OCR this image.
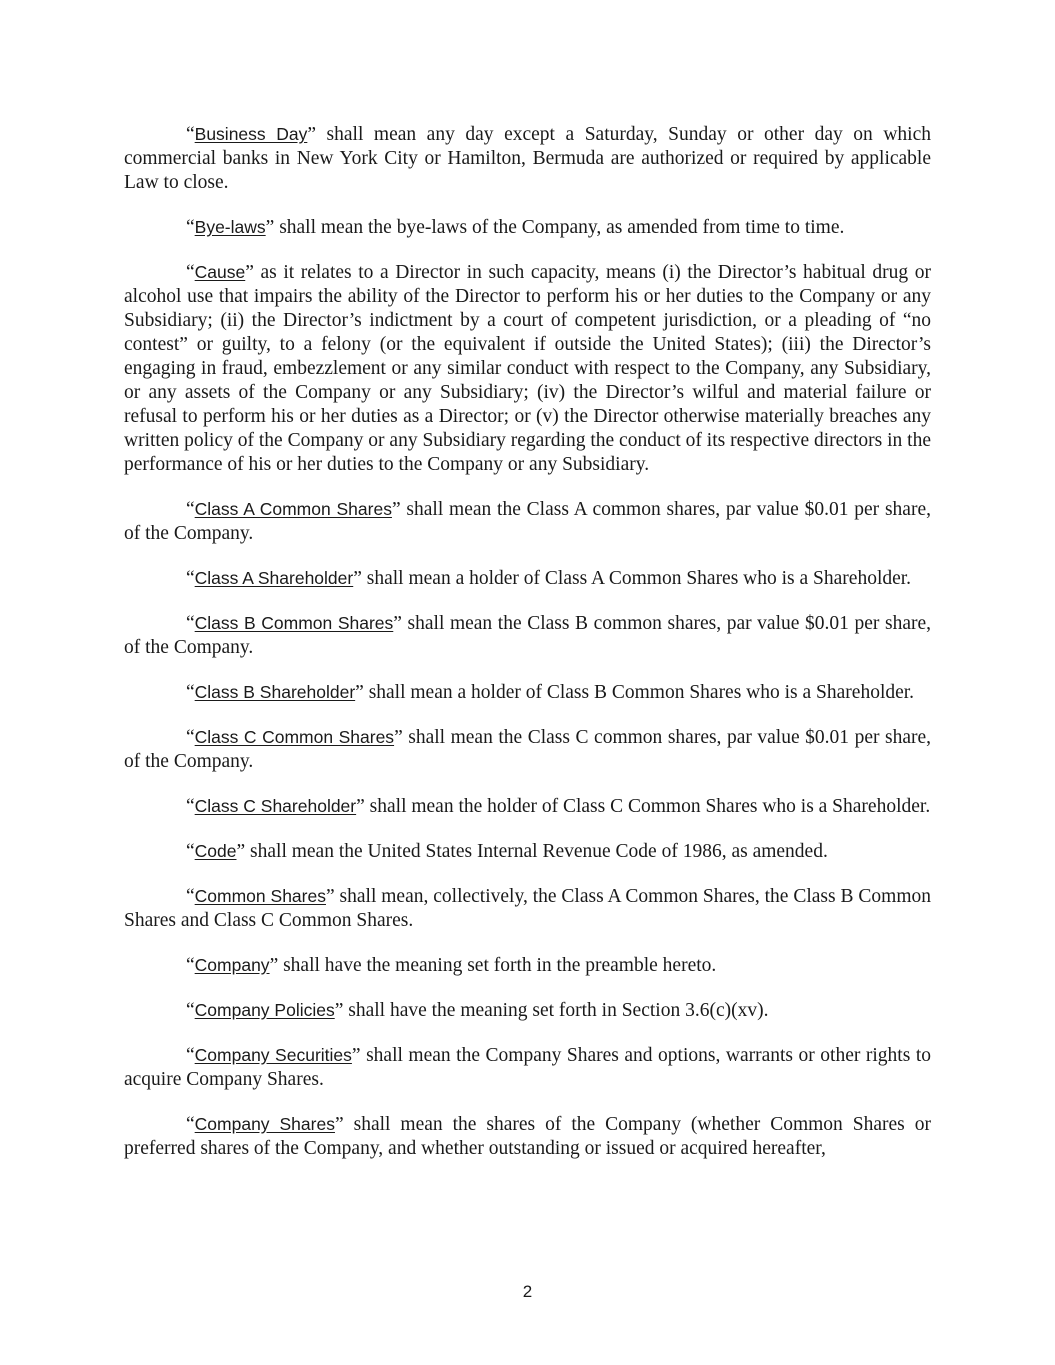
“Business Day” shall mean any day except a Saturday, Sunday or other day on which commercial banks in New York City or Hamilton, Bermuda are authorized or required by applicable Law to close.

“Bye-laws” shall mean the bye-laws of the Company, as amended from time to time.

“Cause” as it relates to a Director in such capacity, means (i) the Director’s habitual drug or alcohol use that impairs the ability of the Director to perform his or her duties to the Company or any Subsidiary; (ii) the Director’s indictment by a court of competent jurisdiction, or a pleading of “no contest” or guilty, to a felony (or the equivalent if outside the United States); (iii) the Director’s engaging in fraud, embezzlement or any similar conduct with respect to the Company, any Subsidiary, or any assets of the Company or any Subsidiary; (iv) the Director’s wilful and material failure or refusal to perform his or her duties as a Director; or (v) the Director otherwise materially breaches any written policy of the Company or any Subsidiary regarding the conduct of its respective directors in the performance of his or her duties to the Company or any Subsidiary.

“Class A Common Shares” shall mean the Class A common shares, par value $0.01 per share, of the Company.

“Class A Shareholder” shall mean a holder of Class A Common Shares who is a Shareholder.

“Class B Common Shares” shall mean the Class B common shares, par value $0.01 per share, of the Company.

“Class B Shareholder” shall mean a holder of Class B Common Shares who is a Shareholder.

“Class C Common Shares” shall mean the Class C common shares, par value $0.01 per share, of the Company.

“Class C Shareholder” shall mean the holder of Class C Common Shares who is a Shareholder.

“Code” shall mean the United States Internal Revenue Code of 1986, as amended.

“Common Shares” shall mean, collectively, the Class A Common Shares, the Class B Common Shares and Class C Common Shares.

“Company” shall have the meaning set forth in the preamble hereto.

“Company Policies” shall have the meaning set forth in Section 3.6(c)(xv).

“Company Securities” shall mean the Company Shares and options, warrants or other rights to acquire Company Shares.

“Company Shares” shall mean the shares of the Company (whether Common Shares or preferred shares of the Company, and whether outstanding or issued or acquired hereafter,

2
